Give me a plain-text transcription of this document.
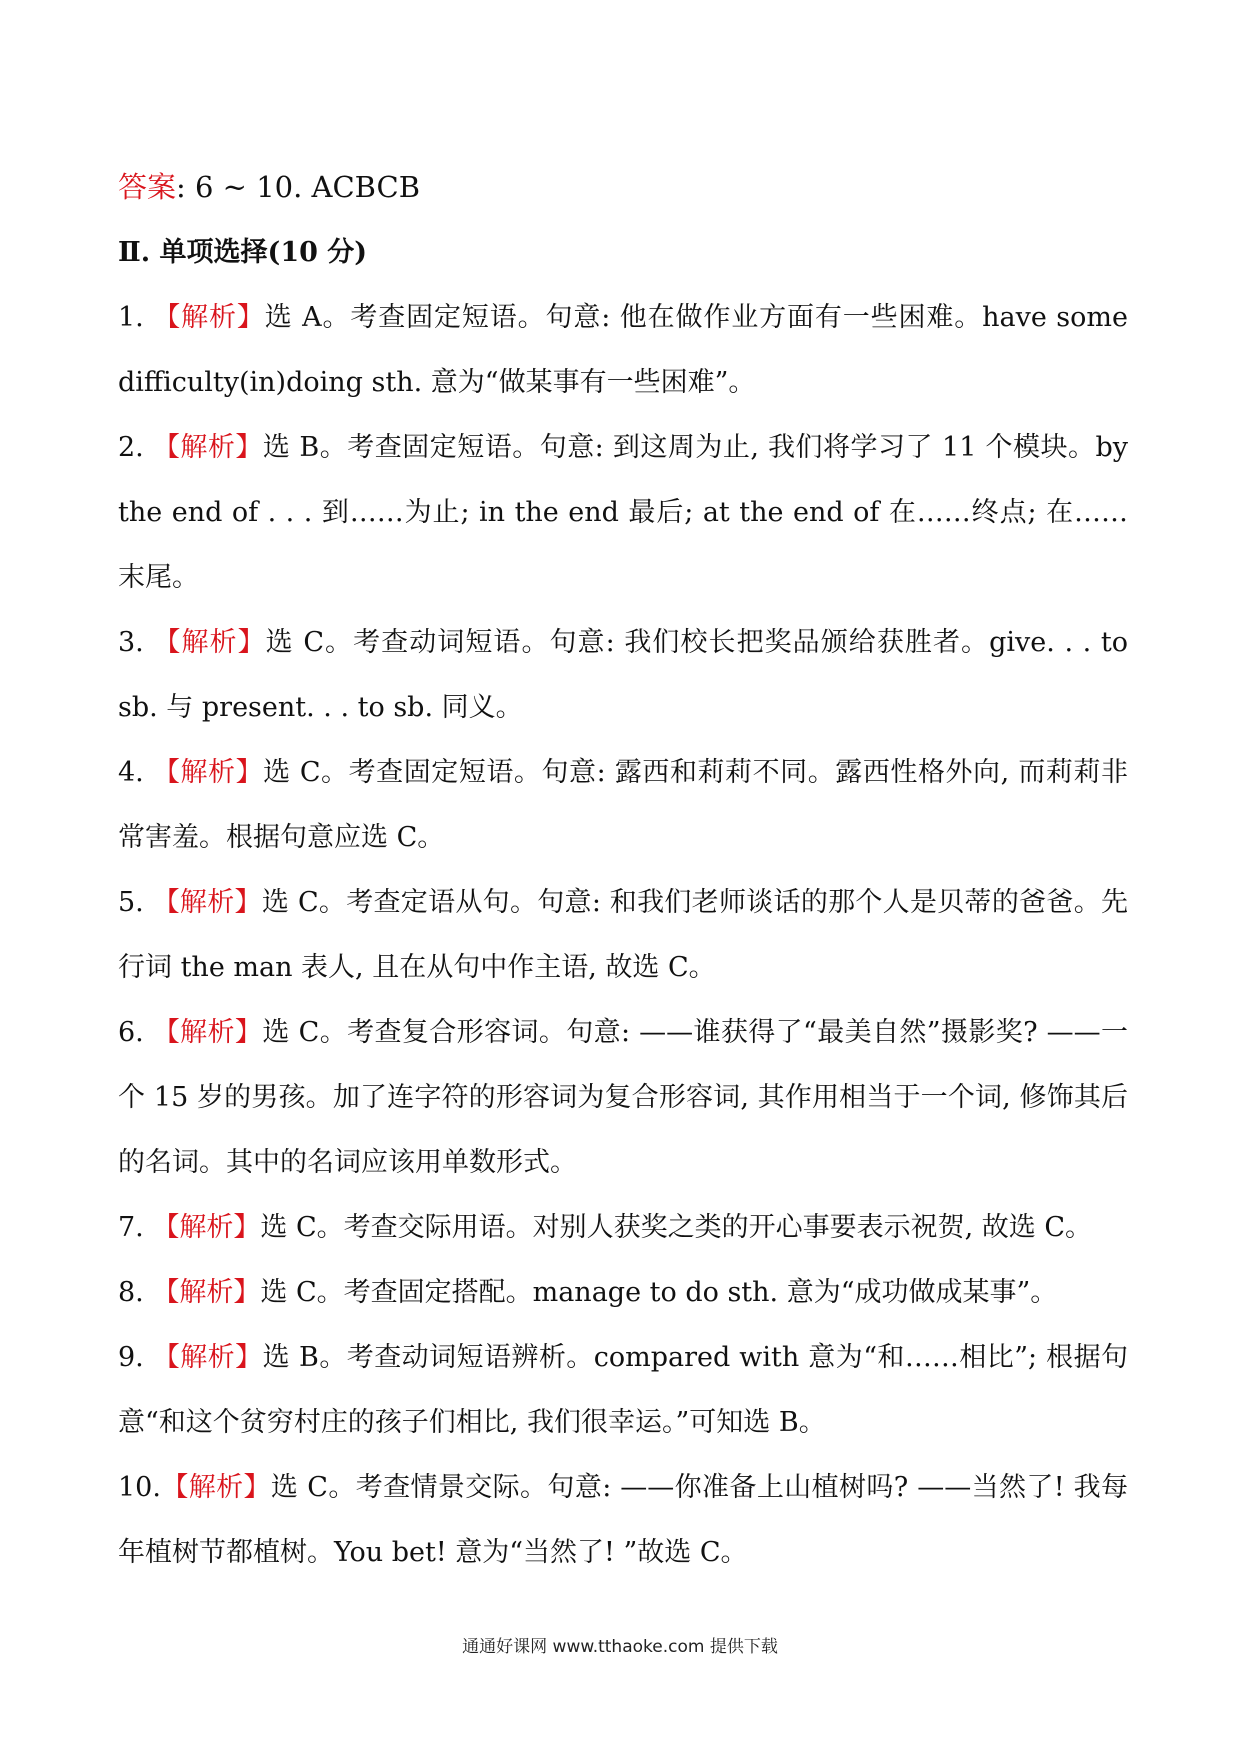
答案: 6 ~ 10. ACBCB
Ⅱ. 单项选择(10 分)
1. 【解析】选 A。考查固定短语。句意: 他在做作业方面有一些困难。have some difficulty(in)doing sth. 意为“做某事有一些困难”。
2. 【解析】选 B。考查固定短语。句意: 到这周为止, 我们将学习了 11 个模块。by the end of . . . 到……为止; in the end 最后; at the end of 在……终点; 在……末尾。
3. 【解析】选 C。考查动词短语。句意: 我们校长把奖品颁给获胜者。give. . . to sb. 与 present. . . to sb. 同义。
4. 【解析】选 C。考查固定短语。句意: 露西和莉莉不同。露西性格外向, 而莉莉非常害羞。根据句意应选 C。
5. 【解析】选 C。考查定语从句。句意: 和我们老师谈话的那个人是贝蒂的爸爸。先行词 the man 表人, 且在从句中作主语, 故选 C。
6. 【解析】选 C。考查复合形容词。句意: ——谁获得了“最美自然”摄影奖? ——一个 15 岁的男孩。加了连字符的形容词为复合形容词, 其作用相当于一个词, 修饰其后的名词。其中的名词应该用单数形式。
7. 【解析】选 C。考查交际用语。对别人获奖之类的开心事要表示祝贺, 故选 C。
8. 【解析】选 C。考查固定搭配。manage to do sth. 意为“成功做成某事”。
9. 【解析】选 B。考查动词短语辨析。compared with 意为“和……相比”; 根据句意“和这个贫穷村庄的孩子们相比, 我们很幸运。”可知选 B。
10.【解析】选 C。考查情景交际。句意: ——你准备上山植树吗? ——当然了! 我每年植树节都植树。You bet! 意为“当然了! ”故选 C。
通通好课网 www.tthaoke.com 提供下载
